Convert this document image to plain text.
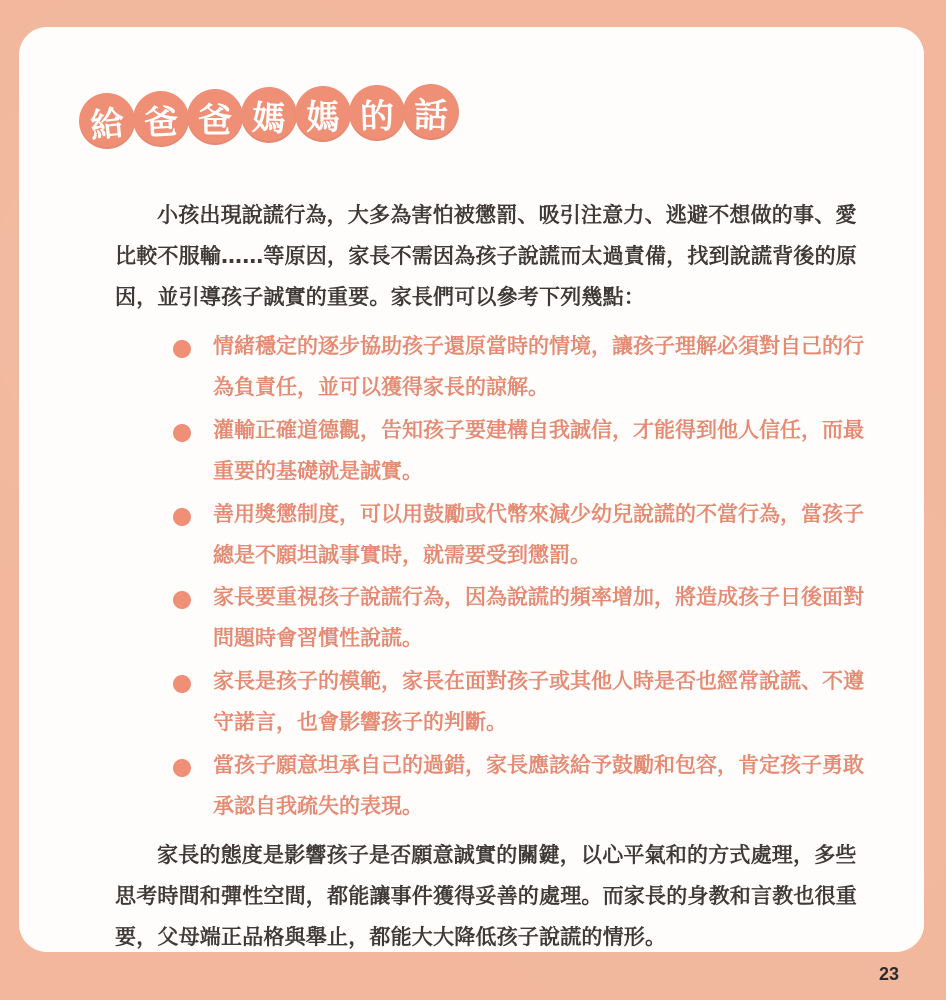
給 爸 爸 媽 媽 的 話

小孩出現說謊行為，大多為害怕被懲罰、吸引注意力、逃避不想做的事、愛比較不服輸……等原因，家長不需因為孩子說謊而太過責備，找到說謊背後的原因，並引導孩子誠實的重要。家長們可以參考下列幾點：

情緒穩定的逐步協助孩子還原當時的情境，讓孩子理解必須對自己的行為負責任，並可以獲得家長的諒解。
灌輸正確道德觀，告知孩子要建構自我誠信，才能得到他人信任，而最重要的基礎就是誠實。
善用獎懲制度，可以用鼓勵或代幣來減少幼兒說謊的不當行為，當孩子總是不願坦誠事實時，就需要受到懲罰。
家長要重視孩子說謊行為，因為說謊的頻率增加，將造成孩子日後面對問題時會習慣性說謊。
家長是孩子的模範，家長在面對孩子或其他人時是否也經常說謊、不遵守諾言，也會影響孩子的判斷。
當孩子願意坦承自己的過錯，家長應該給予鼓勵和包容，肯定孩子勇敢承認自我疏失的表現。

家長的態度是影響孩子是否願意誠實的關鍵，以心平氣和的方式處理，多些思考時間和彈性空間，都能讓事件獲得妥善的處理。而家長的身教和言教也很重要，父母端正品格與舉止，都能大大降低孩子說謊的情形。

23
